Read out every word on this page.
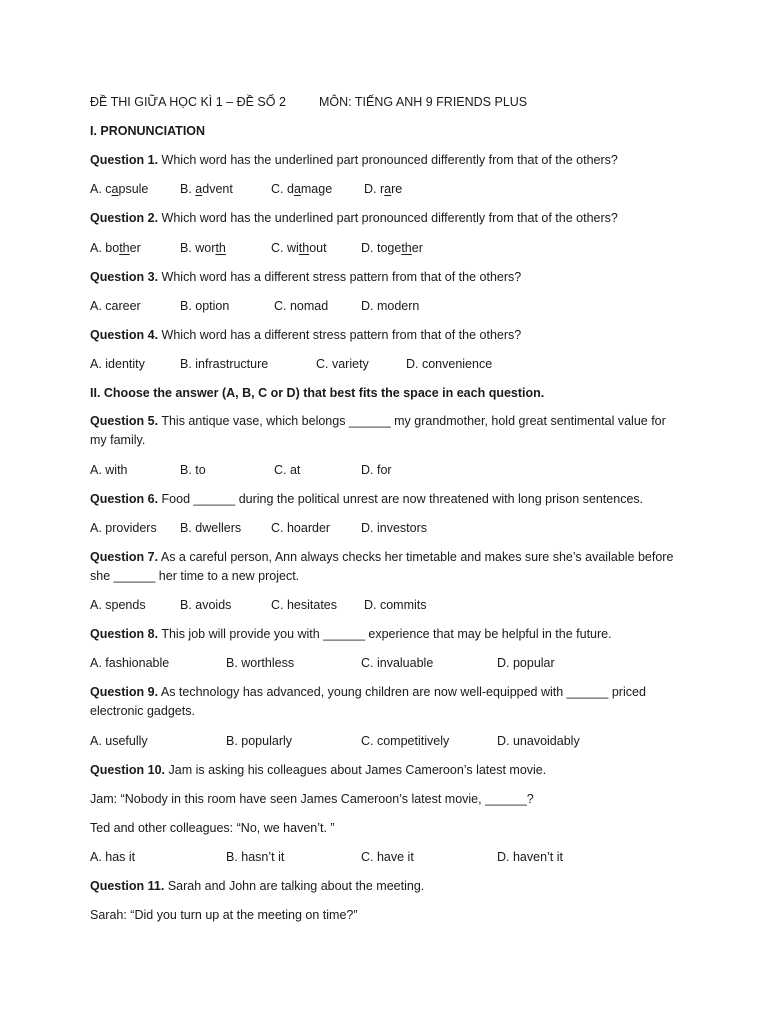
ĐỀ THI GIỮA HỌC KÌ 1 – ĐỀ SỐ 2	MÔN: TIẾNG ANH 9 FRIENDS PLUS
I. PRONUNCIATION
Question 1. Which word has the underlined part pronounced differently from that of the others?
A. capsule	B. advent	C. damage	D. rare
Question 2. Which word has the underlined part pronounced differently from that of the others?
A. bother	B. worth	C. without	D. together
Question 3. Which word has a different stress pattern from that of the others?
A. career	B. option	C. nomad	D. modern
Question 4. Which word has a different stress pattern from that of the others?
A. identity	B. infrastructure	C. variety	D. convenience
II. Choose the answer (A, B, C or D) that best fits the space in each question.
Question 5. This antique vase, which belongs ______ my grandmother, hold great sentimental value for my family.
A. with	B. to	C. at	D. for
Question 6. Food ______ during the political unrest are now threatened with long prison sentences.
A. providers B. dwellers C. hoarder D. investors
Question 7. As a careful person, Ann always checks her timetable and makes sure she’s available before she ______ her time to a new project.
A. spends	B. avoids	C. hesitates D. commits
Question 8. This job will provide you with ______ experience that may be helpful in the future.
A. fashionable	B. worthless	C. invaluable	D. popular
Question 9. As technology has advanced, young children are now well-equipped with ______ priced electronic gadgets.
A. usefully	B. popularly	C. competitively	D. unavoidably
Question 10. Jam is asking his colleagues about James Cameroon’s latest movie.
Jam: “Nobody in this room have seen James Cameroon’s latest movie, ______?
Ted and other colleagues: “No, we haven’t. ”
A. has it	B. hasn’t it	C. have it	D. haven’t it
Question 11. Sarah and John are talking about the meeting.
Sarah: “Did you turn up at the meeting on time?”
